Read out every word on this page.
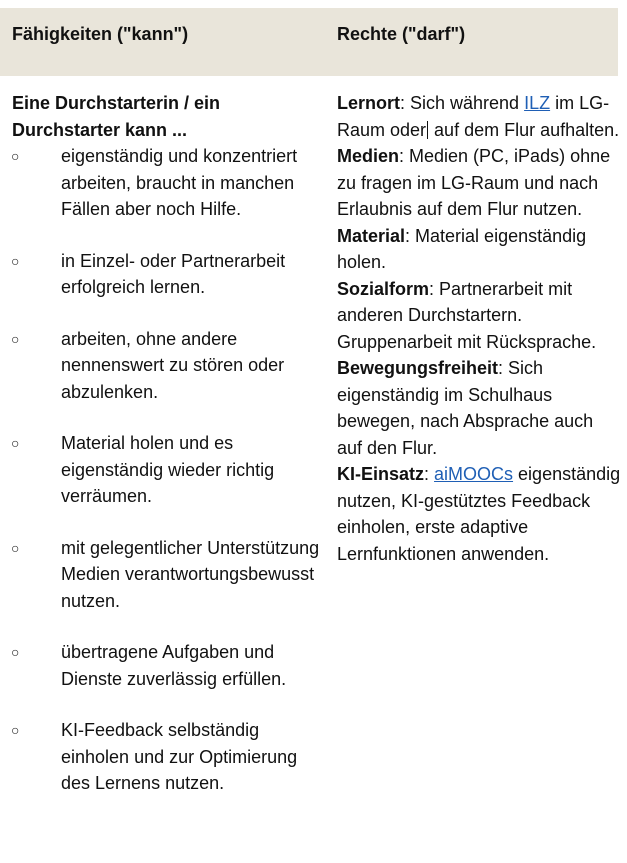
Fähigkeiten ("kann")	Rechte ("darf")
Eine Durchstarterin / ein Durchstarter kann ...
○ eigenständig und konzentriert arbeiten, braucht in manchen Fällen aber noch Hilfe.
○ in Einzel- oder Partnerarbeit erfolgreich lernen.
○ arbeiten, ohne andere nennenswert zu stören oder abzulenken.
○ Material holen und es eigenständig wieder richtig verräumen.
○ mit gelegentlicher Unterstützung Medien verantwortungsbewusst nutzen.
○ übertragene Aufgaben und Dienste zuverlässig erfüllen.
○ KI-Feedback selbständig einholen und zur Optimierung des Lernens nutzen.
Lernort: Sich während ILZ im LG-Raum oder auf dem Flur aufhalten.
Medien: Medien (PC, iPads) ohne zu fragen im LG-Raum und nach Erlaubnis auf dem Flur nutzen.
Material: Material eigenständig holen.
Sozialform: Partnerarbeit mit anderen Durchstartern. Gruppenarbeit mit Rücksprache.
Bewegungsfreiheit: Sich eigenständig im Schulhaus bewegen, nach Absprache auch auf den Flur.
KI-Einsatz: aiMOOCs eigenständig nutzen, KI-gestütztes Feedback einholen, erste adaptive Lernfunktionen anwenden.
